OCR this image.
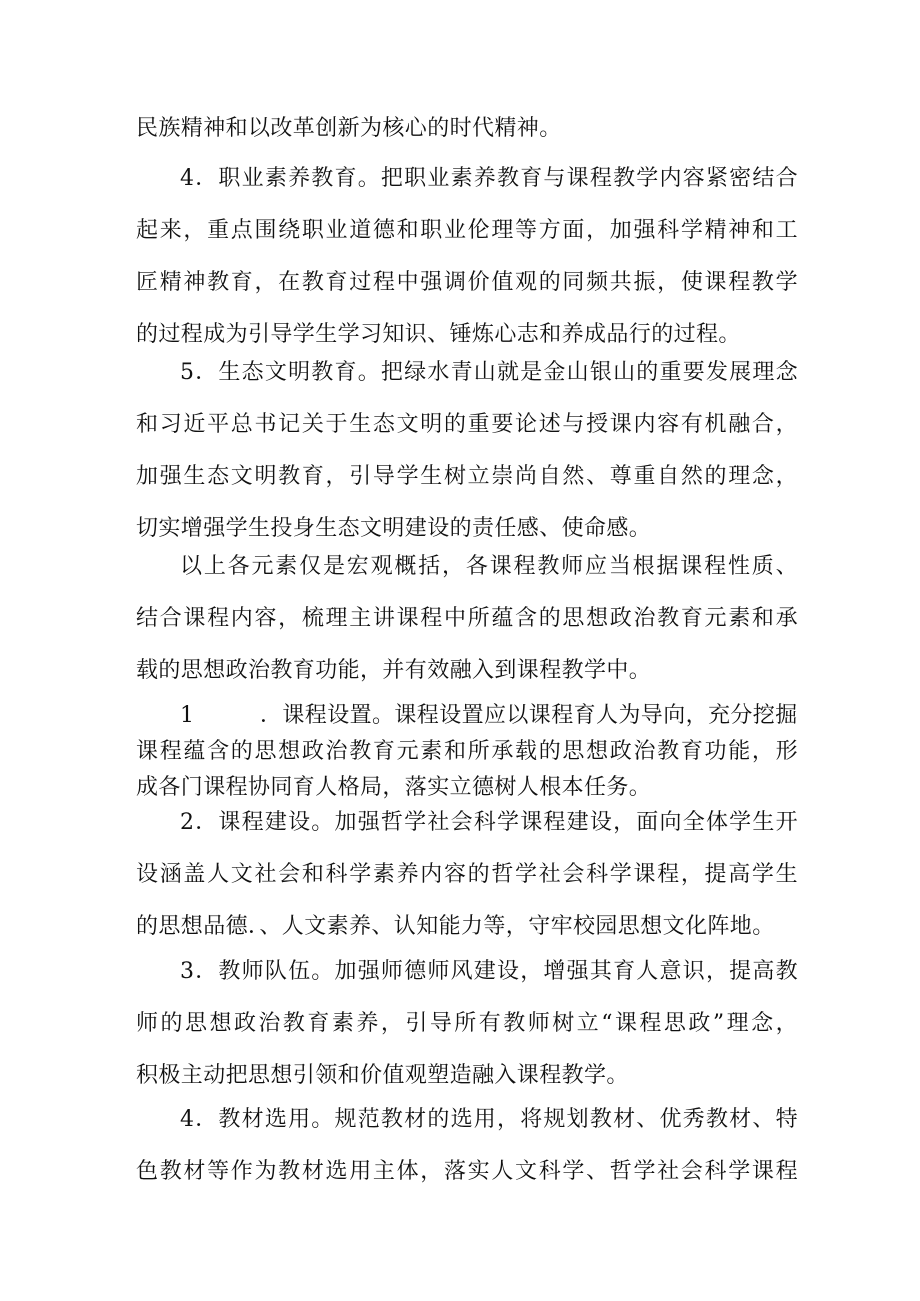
民族精神和以改革创新为核心的时代精神。
4．职业素养教育。把职业素养教育与课程教学内容紧密结合
起来，重点围绕职业道德和职业伦理等方面，加强科学精神和工
匠精神教育，在教育过程中强调价值观的同频共振，使课程教学
的过程成为引导学生学习知识、锤炼心志和养成品行的过程。
5．生态文明教育。把绿水青山就是金山银山的重要发展理念
和习近平总书记关于生态文明的重要论述与授课内容有机融合，
加强生态文明教育，引导学生树立崇尚自然、尊重自然的理念，
切实增强学生投身生态文明建设的责任感、使命感。
以上各元素仅是宏观概括，各课程教师应当根据课程性质、
结合课程内容，梳理主讲课程中所蕴含的思想政治教育元素和承
载的思想政治教育功能，并有效融入到课程教学中。
1	．课程设置。课程设置应以课程育人为导向，充分挖掘
课程蕴含的思想政治教育元素和所承载的思想政治教育功能，形
成各门课程协同育人格局，落实立德树人根本任务。
2．课程建设。加强哲学社会科学课程建设，面向全体学生开
设涵盖人文社会和科学素养内容的哲学社会科学课程，提高学生
的思想品德．、人文素养、认知能力等，守牢校园思想文化阵地。
3．教师队伍。加强师德师风建设，增强其育人意识，提高教
师的思想政治教育素养，引导所有教师树立“课程思政”理念，
积极主动把思想引领和价值观塑造融入课程教学。
4．教材选用。规范教材的选用，将规划教材、优秀教材、特
色教材等作为教材选用主体，落实人文科学、哲学社会科学课程
